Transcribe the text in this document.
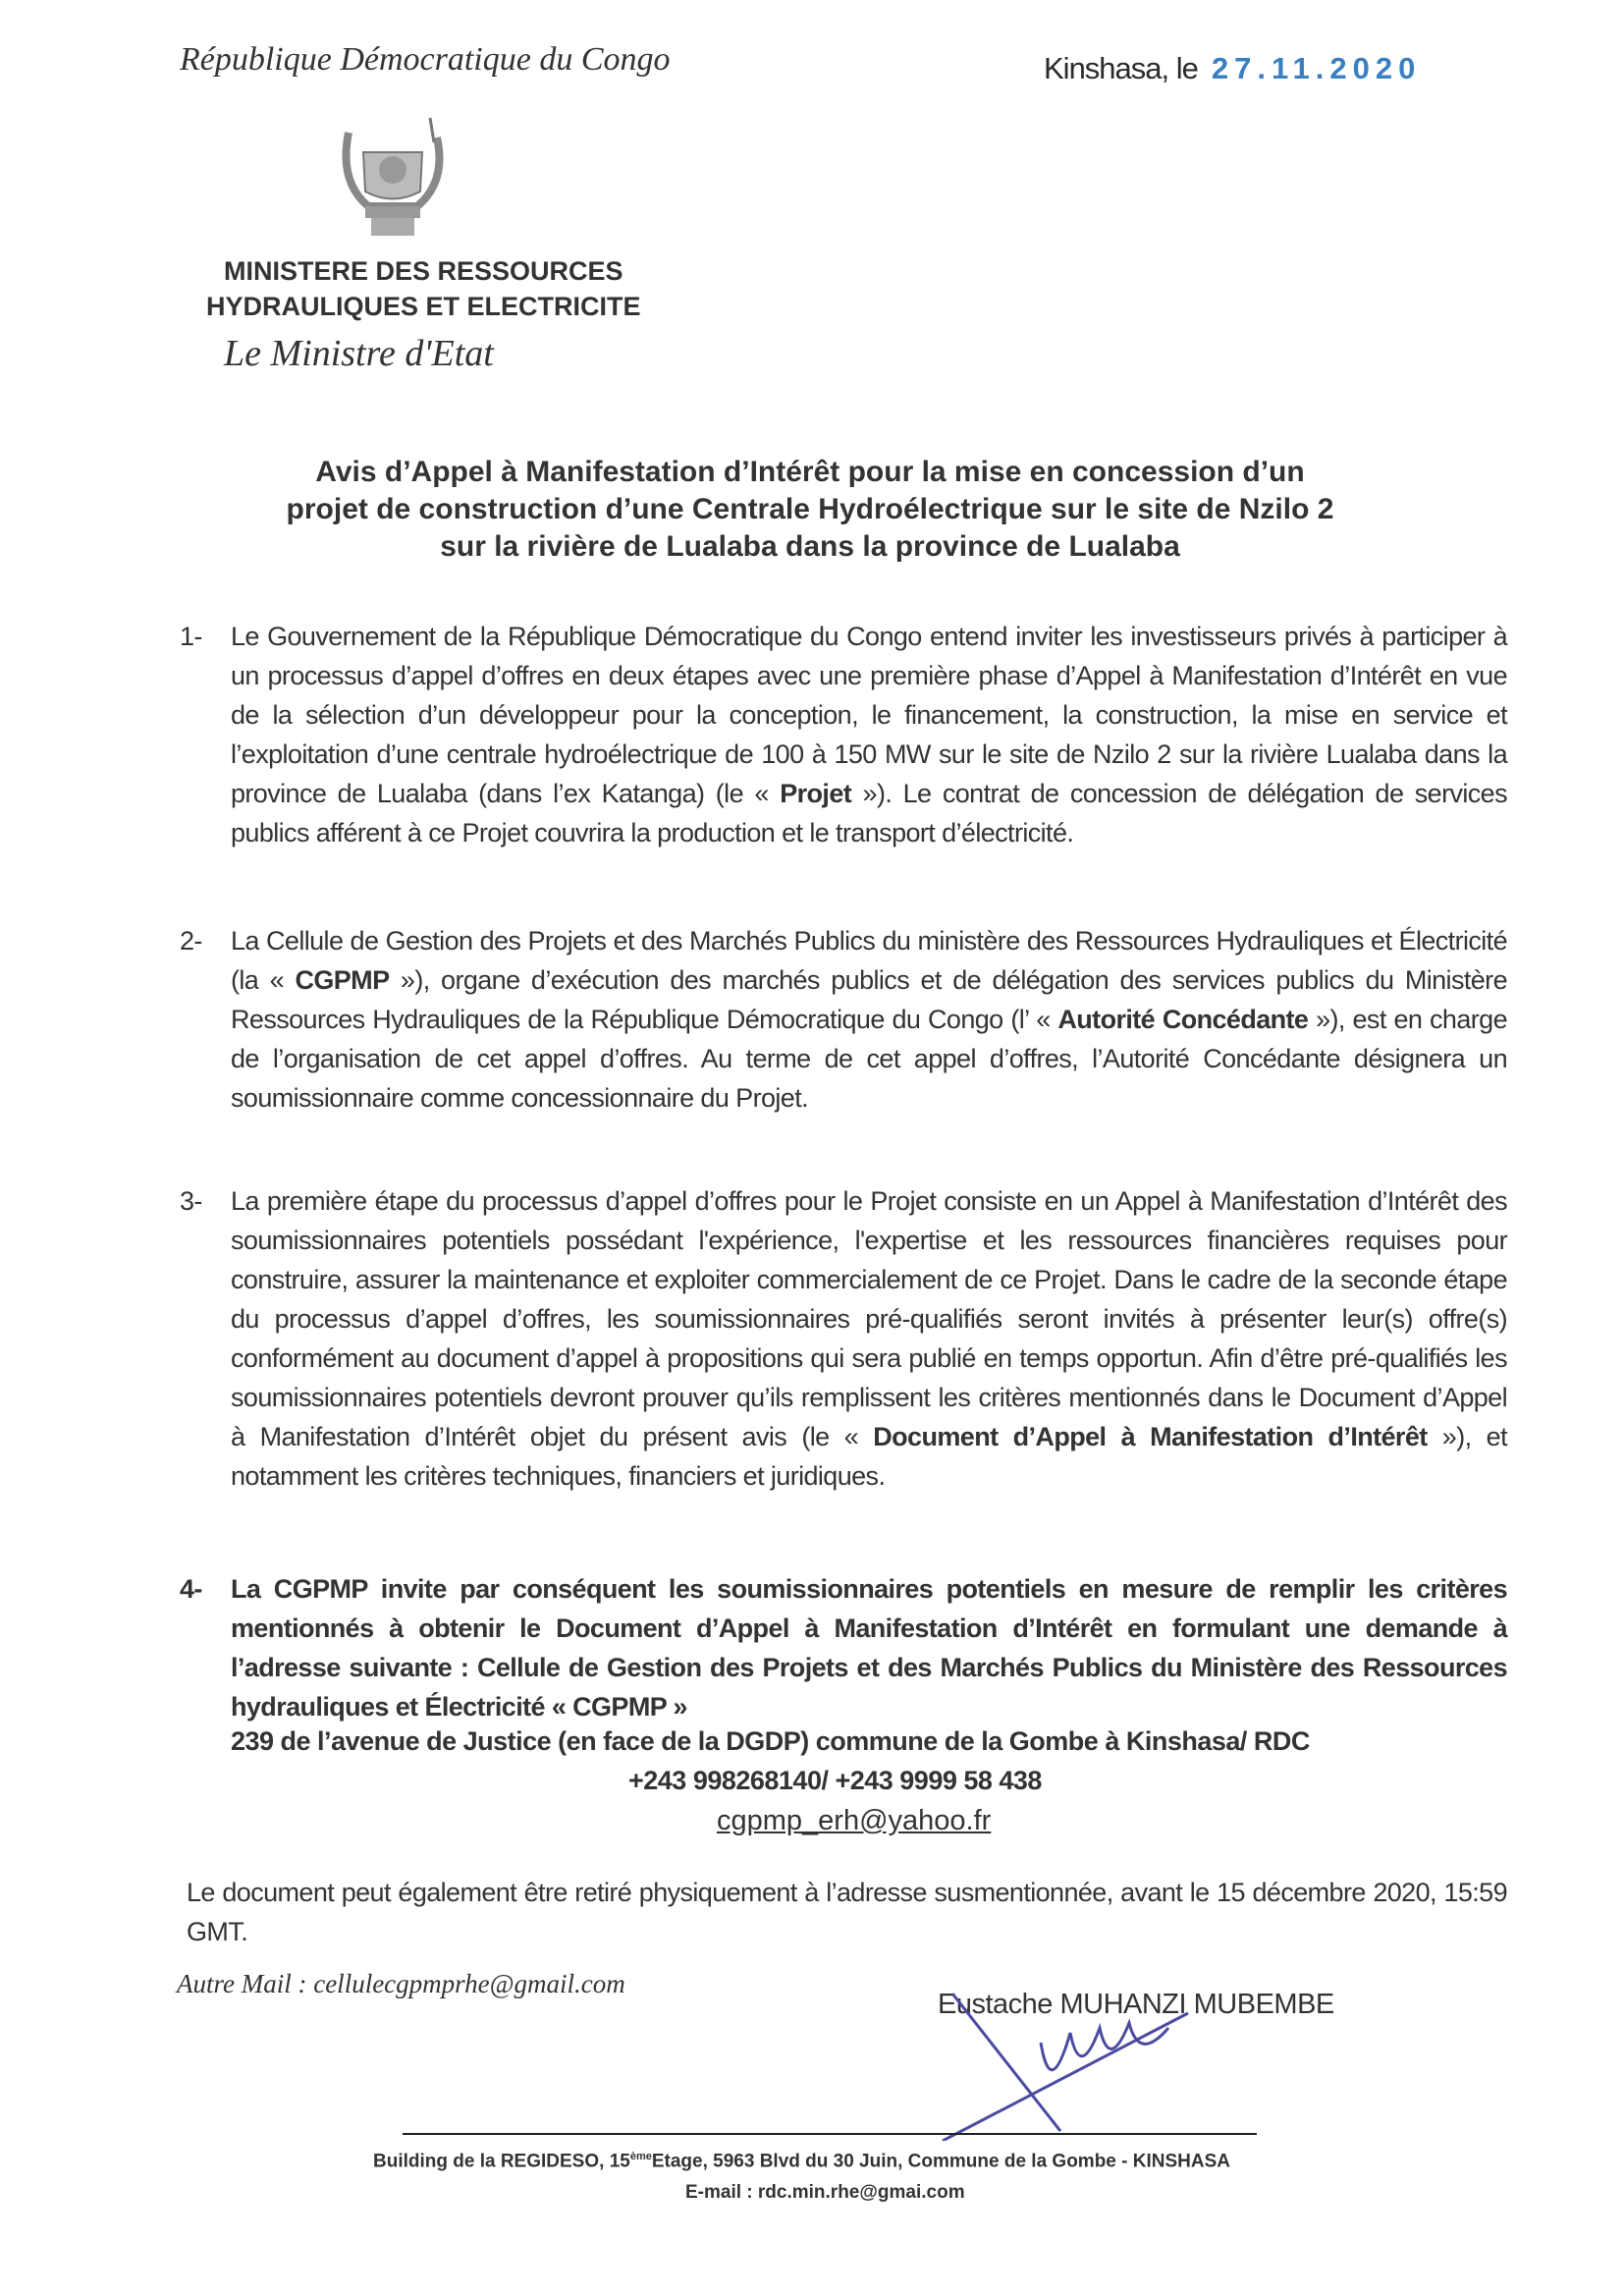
République Démocratique du Congo	Kinshasa, le 27.11.2020
MINISTERE DES RESSOURCES
HYDRAULIQUES ET ELECTRICITE
Le Ministre d'Etat
Avis d’Appel à Manifestation d’Intérêt pour la mise en concession d’un
projet de construction d’une Centrale Hydroélectrique sur le site de Nzilo 2
sur la rivière de Lualaba dans la province de Lualaba
1- Le Gouvernement de la République Démocratique du Congo entend inviter les investisseurs privés à participer à un processus d’appel d’offres en deux étapes avec une première phase d’Appel à Manifestation d’Intérêt en vue de la sélection d’un développeur pour la conception, le financement, la construction, la mise en service et l’exploitation d’une centrale hydroélectrique de 100 à 150 MW sur le site de Nzilo 2 sur la rivière Lualaba dans la province de Lualaba (dans l’ex Katanga) (le « Projet »). Le contrat de concession de délégation de services publics afférent à ce Projet couvrira la production et le transport d’électricité.
2- La Cellule de Gestion des Projets et des Marchés Publics du ministère des Ressources Hydrauliques et Électricité (la « CGPMP »), organe d’exécution des marchés publics et de délégation des services publics du Ministère Ressources Hydrauliques de la République Démocratique du Congo (l’ « Autorité Concédante »), est en charge de l’organisation de cet appel d’offres. Au terme de cet appel d’offres, l’Autorité Concédante désignera un soumissionnaire comme concessionnaire du Projet.
3- La première étape du processus d’appel d’offres pour le Projet consiste en un Appel à Manifestation d’Intérêt des soumissionnaires potentiels possédant l'expérience, l'expertise et les ressources financières requises pour construire, assurer la maintenance et exploiter commercialement de ce Projet. Dans le cadre de la seconde étape du processus d’appel d’offres, les soumissionnaires pré-qualifiés seront invités à présenter leur(s) offre(s) conformément au document d’appel à propositions qui sera publié en temps opportun. Afin d’être pré-qualifiés les soumissionnaires potentiels devront prouver qu’ils remplissent les critères mentionnés dans le Document d’Appel à Manifestation d’Intérêt objet du présent avis (le « Document d’Appel à Manifestation d’Intérêt »), et notamment les critères techniques, financiers et juridiques.
4- La CGPMP invite par conséquent les soumissionnaires potentiels en mesure de remplir les critères mentionnés à obtenir le Document d’Appel à Manifestation d’Intérêt en formulant une demande à l’adresse suivante : Cellule de Gestion des Projets et des Marchés Publics du Ministère des Ressources hydrauliques et Électricité « CGPMP »
239 de l’avenue de Justice (en face de la DGDP) commune de la Gombe à Kinshasa/ RDC
+243 998268140/ +243 9999 58 438
cgpmp_erh@yahoo.fr
Le document peut également être retiré physiquement à l’adresse susmentionnée, avant le 15 décembre 2020, 15:59 GMT.
Autre Mail : cellulecgpmprhe@gmail.com
Eustache MUHANZI MUBEMBE
Building de la REGIDESO, 15èmeEtage, 5963 Blvd du 30 Juin, Commune de la Gombe - KINSHASA
E-mail : rdc.min.rhe@gmai.com
